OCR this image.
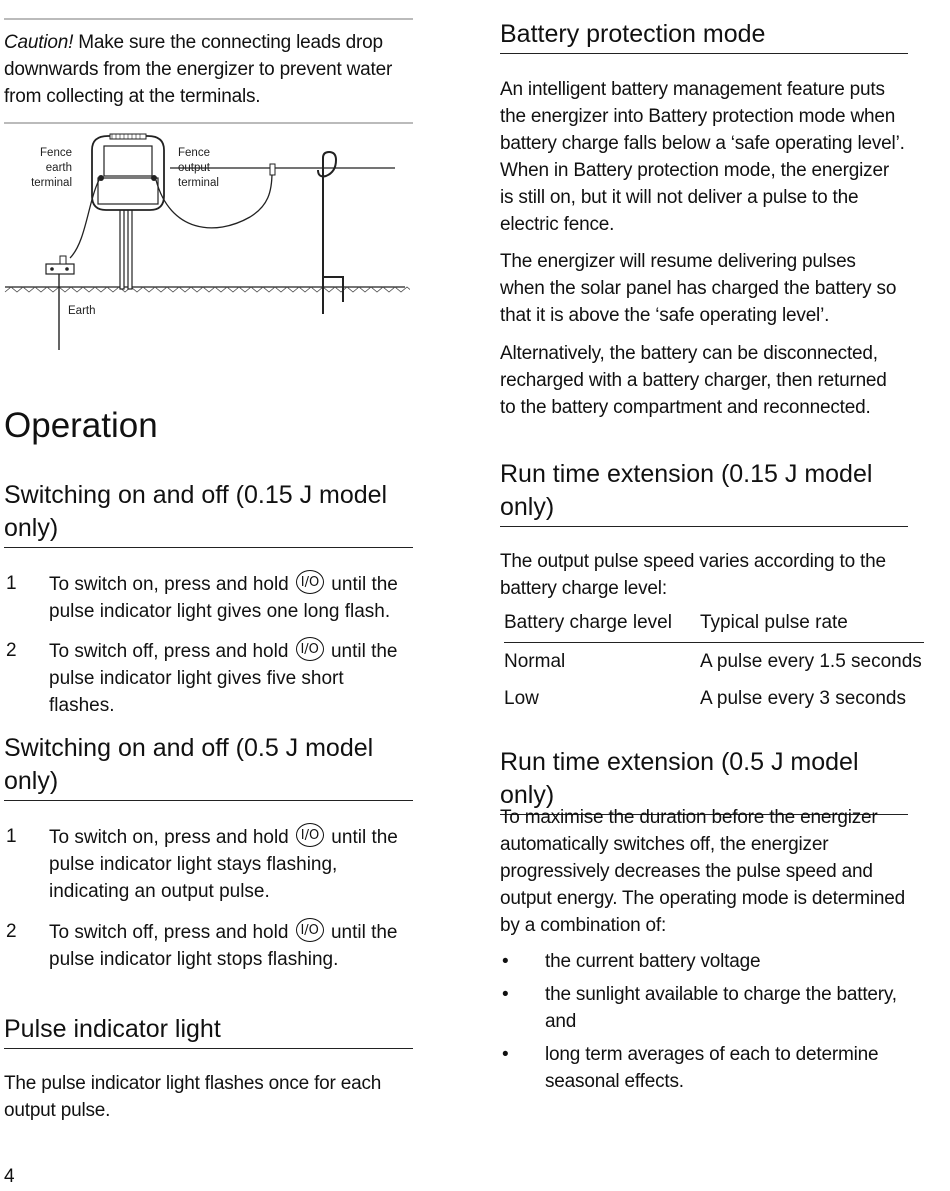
Caution! Make sure the connecting leads drop downwards from the energizer to prevent water from collecting at the terminals.

Fence
earth
terminal
Fence
output
terminal
Earth
Operation
Switching on and off (0.15 J model only)
1 To switch on, press and hold I/O until the pulse indicator light gives one long flash.
2 To switch off, press and hold I/O until the pulse indicator light gives five short flashes.
Switching on and off (0.5 J model only)
1 To switch on, press and hold I/O until the pulse indicator light stays flashing, indicating an output pulse.
2 To switch off, press and hold I/O until the pulse indicator light stops flashing.
Pulse indicator light

The pulse indicator light flashes once for each output pulse.

4
Battery protection mode

An intelligent battery management feature puts the energizer into Battery protection mode when battery charge falls below a ‘safe operating level’. When in Battery protection mode, the energizer is still on, but it will not deliver a pulse to the electric fence.

The energizer will resume delivering pulses when the solar panel has charged the battery so that it is above the ‘safe operating level’.

Alternatively, the battery can be disconnected, recharged with a battery charger, then returned to the battery compartment and reconnected.

Run time extension (0.15 J model only)

The output pulse speed varies according to the battery charge level:

Battery charge level	Typical pulse rate
Normal	A pulse every 1.5 seconds
Low	A pulse every 3 seconds
Run time extension (0.5 J model only)

To maximise the duration before the energizer automatically switches off, the energizer progressively decreases the pulse speed and output energy. The operating mode is determined by a combination of:

• the current battery voltage
• the sunlight available to charge the battery, and
• long term averages of each to determine seasonal effects.
